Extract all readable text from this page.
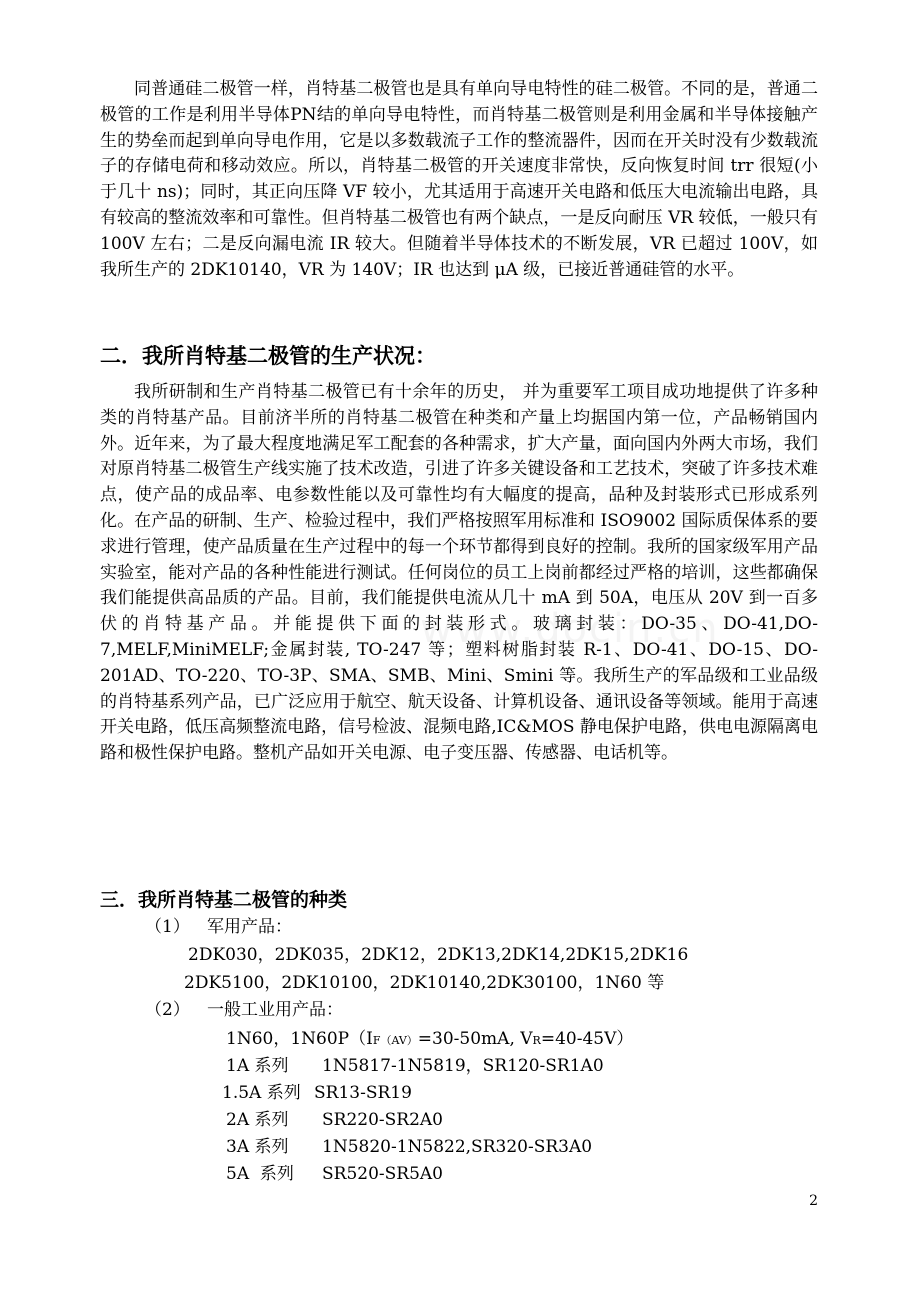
同普通硅二极管一样，肖特基二极管也是具有单向导电特性的硅二极管。不同的是，普通二极管的工作是利用半导体PN结的单向导电特性，而肖特基二极管则是利用金属和半导体接触产生的势垒而起到单向导电作用，它是以多数载流子工作的整流器件，因而在开关时没有少数载流子的存储电荷和移动效应。所以，肖特基二极管的开关速度非常快，反向恢复时间 trr 很短(小于几十 ns)；同时，其正向压降 VF 较小，尤其适用于高速开关电路和低压大电流输出电路，具有较高的整流效率和可靠性。但肖特基二极管也有两个缺点，一是反向耐压 VR 较低，一般只有 100V 左右；二是反向漏电流 IR 较大。但随着半导体技术的不断发展，VR 已超过 100V，如我所生产的 2DK10140，VR 为 140V；IR 也达到 μA 级，已接近普通硅管的水平。

二．我所肖特基二极管的生产状况：

我所研制和生产肖特基二极管已有十余年的历史， 并为重要军工项目成功地提供了许多种类的肖特基产品。目前济半所的肖特基二极管在种类和产量上均据国内第一位，产品畅销国内外。近年来，为了最大程度地满足军工配套的各种需求，扩大产量，面向国内外两大市场，我们对原肖特基二极管生产线实施了技术改造，引进了许多关键设备和工艺技术，突破了许多技术难点，使产品的成品率、电参数性能以及可靠性均有大幅度的提高，品种及封装形式已形成系列化。在产品的研制、生产、检验过程中，我们严格按照军用标准和 ISO9002 国际质保体系的要求进行管理，使产品质量在生产过程中的每一个环节都得到良好的控制。我所的国家级军用产品实验室，能对产品的各种性能进行测试。任何岗位的员工上岗前都经过严格的培训，这些都确保我们能提供高品质的产品。目前，我们能提供电流从几十 mA 到 50A，电压从 20V 到一百多伏的肖特基产品。并能提供下面的封装形式。玻璃封装：DO-35、DO-41,DO-7,MELF,MiniMELF;金属封装, TO-247 等；塑料树脂封装 R-1、DO-41、DO-15、DO-201AD、TO-220、TO-3P、SMA、SMB、Mini、Smini 等。我所生产的军品级和工业品级的肖特基系列产品，已广泛应用于航空、航天设备、计算机设备、通讯设备等领域。能用于高速开关电路，低压高频整流电路，信号检波、混频电路,IC&MOS 静电保护电路，供电电源隔离电路和极性保护电路。整机产品如开关电源、电子变压器、传感器、电话机等。

三．我所肖特基二极管的种类
（1） 军用产品：
2DK030，2DK035，2DK12，2DK13,2DK14,2DK15,2DK16
2DK5100，2DK10100，2DK10140,2DK30100，1N60 等
（2） 一般工业用产品：
1N60，1N60P（IF（AV）=30-50mA, VR=40-45V）
1A 系列 1N5817-1N5819，SR120-SR1A0
1.5A 系列 SR13-SR19
2A 系列 SR220-SR2A0
3A 系列 1N5820-1N5822,SR320-SR3A0
5A  系列 SR520-SR5A0

2
